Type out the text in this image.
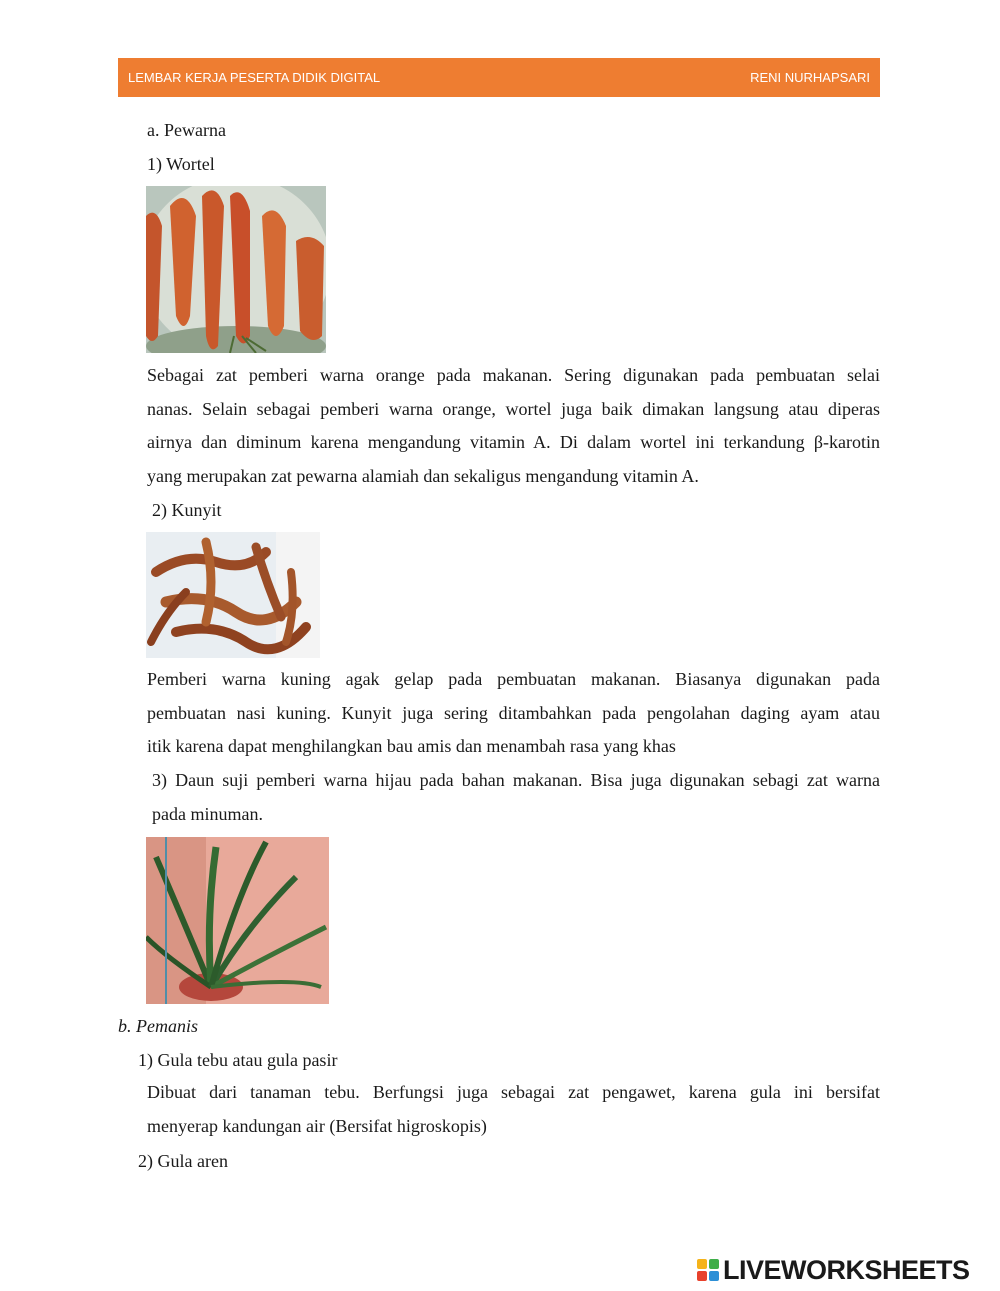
LEMBAR KERJA PESERTA DIDIK DIGITAL	RENI NURHAPSARI
a. Pewarna
1) Wortel

Sebagai zat pemberi warna orange pada makanan. Sering digunakan pada pembuatan selai

nanas. Selain sebagai pemberi warna orange, wortel juga baik dimakan langsung atau diperas

airnya dan diminum karena mengandung vitamin A. Di dalam wortel ini terkandung β-karotin

yang merupakan zat pewarna alamiah dan sekaligus mengandung vitamin A.

2) Kunyit

Pemberi warna kuning agak gelap pada pembuatan makanan. Biasanya digunakan pada

pembuatan nasi kuning. Kunyit juga sering ditambahkan pada pengolahan daging ayam atau

itik karena dapat menghilangkan bau amis dan menambah rasa yang khas

3) Daun suji pemberi warna hijau pada bahan makanan. Bisa juga digunakan sebagi zat warna

pada minuman.

b. Pemanis
1) Gula tebu atau gula pasir

Dibuat dari tanaman tebu. Berfungsi juga sebagai zat pengawet, karena gula ini bersifat

menyerap kandungan air (Bersifat higroskopis)

2) Gula aren
LIVEWORKSHEETS
